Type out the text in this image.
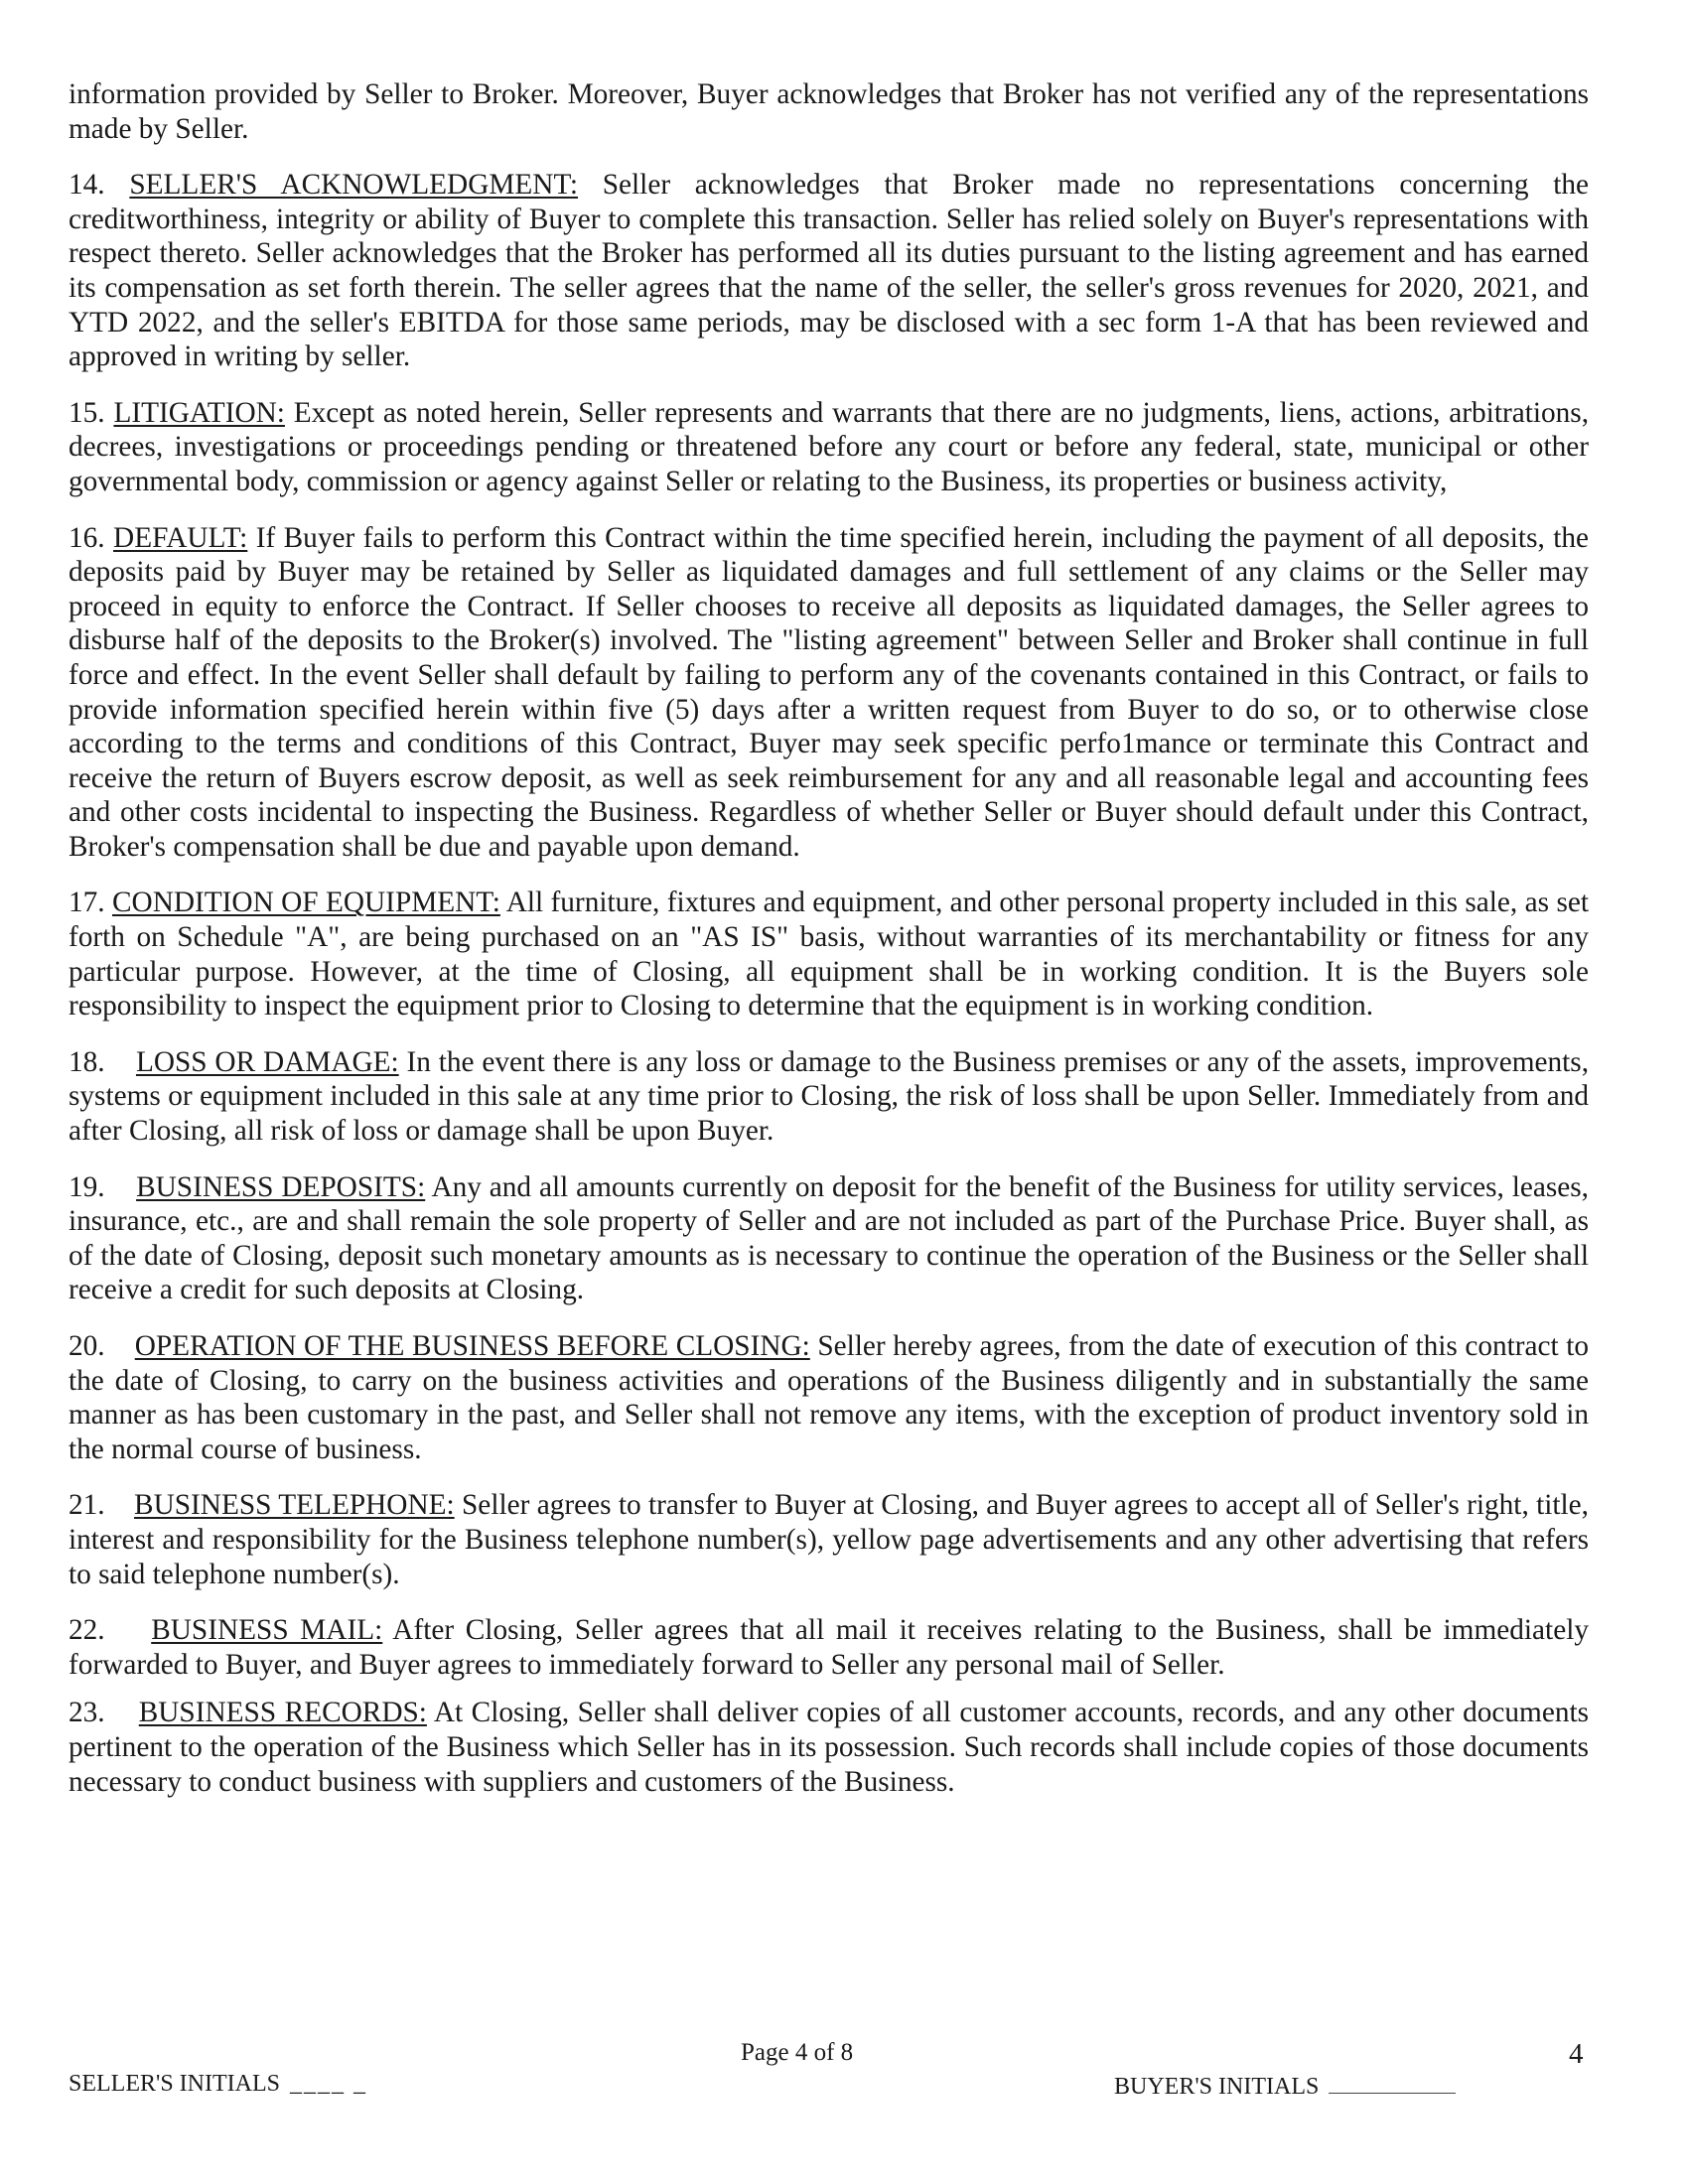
information provided by Seller to Broker. Moreover, Buyer acknowledges that Broker has not verified any of the representations made by Seller.

14. SELLER'S ACKNOWLEDGMENT: Seller acknowledges that Broker made no representations concerning the creditworthiness, integrity or ability of Buyer to complete this transaction. Seller has relied solely on Buyer's representations with respect thereto. Seller acknowledges that the Broker has performed all its duties pursuant to the listing agreement and has earned its compensation as set forth therein. The seller agrees that the name of the seller, the seller's gross revenues for 2020, 2021, and YTD 2022, and the seller's EBITDA for those same periods, may be disclosed with a sec form 1-A that has been reviewed and approved in writing by seller.

15. LITIGATION: Except as noted herein, Seller represents and warrants that there are no judgments, liens, actions, arbitrations, decrees, investigations or proceedings pending or threatened before any court or before any federal, state, municipal or other governmental body, commission or agency against Seller or relating to the Business, its properties or business activity,

16. DEFAULT: If Buyer fails to perform this Contract within the time specified herein, including the payment of all deposits, the deposits paid by Buyer may be retained by Seller as liquidated damages and full settlement of any claims or the Seller may proceed in equity to enforce the Contract. If Seller chooses to receive all deposits as liquidated damages, the Seller agrees to disburse half of the deposits to the Broker(s) involved. The "listing agreement" between Seller and Broker shall continue in full force and effect. In the event Seller shall default by failing to perform any of the covenants contained in this Contract, or fails to provide information specified herein within five (5) days after a written request from Buyer to do so, or to otherwise close according to the terms and conditions of this Contract, Buyer may seek specific perfo1mance or terminate this Contract and receive the return of Buyers escrow deposit, as well as seek reimbursement for any and all reasonable legal and accounting fees and other costs incidental to inspecting the Business. Regardless of whether Seller or Buyer should default under this Contract, Broker's compensation shall be due and payable upon demand.

17. CONDITION OF EQUIPMENT: All furniture, fixtures and equipment, and other personal property included in this sale, as set forth on Schedule "A", are being purchased on an "AS IS" basis, without warranties of its merchantability or fitness for any particular purpose. However, at the time of Closing, all equipment shall be in working condition. It is the Buyers sole responsibility to inspect the equipment prior to Closing to determine that the equipment is in working condition.

18. LOSS OR DAMAGE: In the event there is any loss or damage to the Business premises or any of the assets, improvements, systems or equipment included in this sale at any time prior to Closing, the risk of loss shall be upon Seller. Immediately from and after Closing, all risk of loss or damage shall be upon Buyer.

19. BUSINESS DEPOSITS: Any and all amounts currently on deposit for the benefit of the Business for utility services, leases, insurance, etc., are and shall remain the sole property of Seller and are not included as part of the Purchase Price. Buyer shall, as of the date of Closing, deposit such monetary amounts as is necessary to continue the operation of the Business or the Seller shall receive a credit for such deposits at Closing.

20. OPERATION OF THE BUSINESS BEFORE CLOSING: Seller hereby agrees, from the date of execution of this contract to the date of Closing, to carry on the business activities and operations of the Business diligently and in substantially the same manner as has been customary in the past, and Seller shall not remove any items, with the exception of product inventory sold in the normal course of business.

21. BUSINESS TELEPHONE: Seller agrees to transfer to Buyer at Closing, and Buyer agrees to accept all of Seller's right, title, interest and responsibility for the Business telephone number(s), yellow page advertisements and any other advertising that refers to said telephone number(s).

22. BUSINESS MAIL: After Closing, Seller agrees that all mail it receives relating to the Business, shall be immediately forwarded to Buyer, and Buyer agrees to immediately forward to Seller any personal mail of Seller.

23. BUSINESS RECORDS: At Closing, Seller shall deliver copies of all customer accounts, records, and any other documents pertinent to the operation of the Business which Seller has in its possession. Such records shall include copies of those documents necessary to conduct business with suppliers and customers of the Business.

Page 4 of 8	4
SELLER'S INITIALS ____ _	BUYER'S INITIALS
